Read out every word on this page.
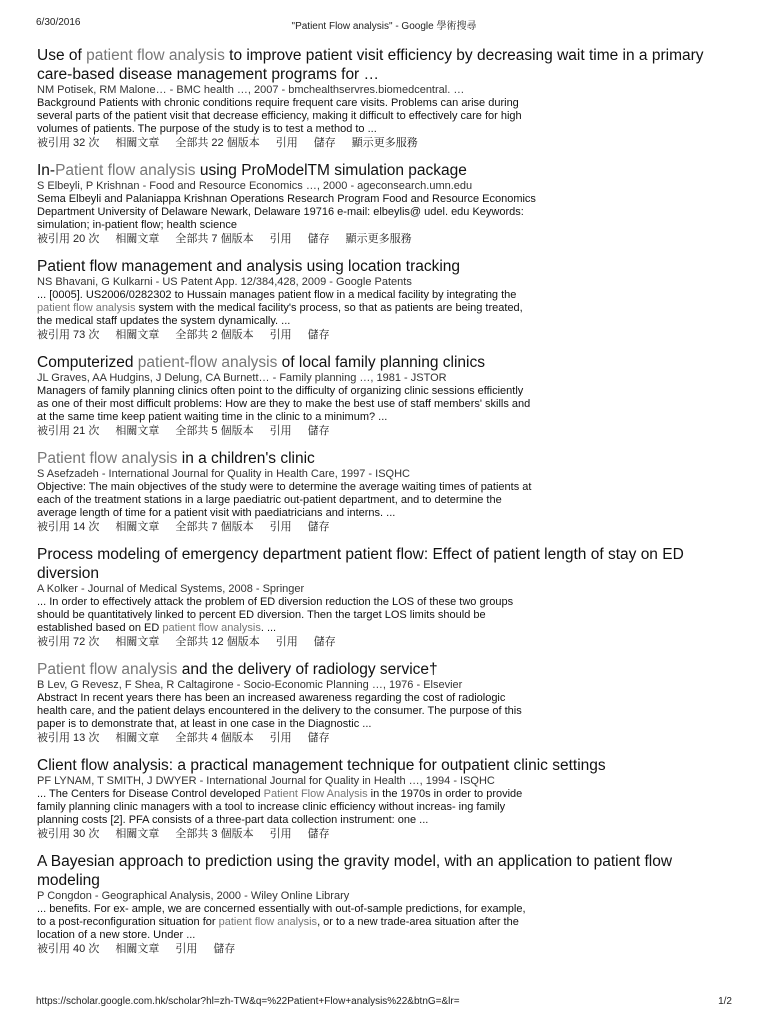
6/30/2016	"Patient Flow analysis" - Google 學術搜尋
Use of patient flow analysis to improve patient visit efficiency by decreasing wait time in a primary care-based disease management programs for …
NM Potisek, RM Malone… - BMC health …, 2007 - bmchealthservres.biomedcentral. …
Background Patients with chronic conditions require frequent care visits. Problems can arise during several parts of the patient visit that decrease efficiency, making it difficult to effectively care for high volumes of patients. The purpose of the study is to test a method to ...
被引用 32 次 相關文章 全部共 22 個版本 引用 儲存 顯示更多服務
In-Patient flow analysis using ProModelTM simulation package
S Elbeyli, P Krishnan - Food and Resource Economics …, 2000 - ageconsearch.umn.edu
Sema Elbeyli and Palaniappa Krishnan Operations Research Program Food and Resource Economics Department University of Delaware Newark, Delaware 19716 e-mail: elbeylis@ udel. edu Keywords: simulation; in-patient flow; health science
被引用 20 次 相關文章 全部共 7 個版本 引用 儲存 顯示更多服務
Patient flow management and analysis using location tracking
NS Bhavani, G Kulkarni - US Patent App. 12/384,428, 2009 - Google Patents
... [0005]. US2006/0282302 to Hussain manages patient flow in a medical facility by integrating the patient flow analysis system with the medical facility's process, so that as patients are being treated, the medical staff updates the system dynamically. ...
被引用 73 次 相關文章 全部共 2 個版本 引用 儲存
Computerized patient-flow analysis of local family planning clinics
JL Graves, AA Hudgins, J Delung, CA Burnett… - Family planning …, 1981 - JSTOR
Managers of family planning clinics often point to the difficulty of organizing clinic sessions efficiently as one of their most difficult problems: How are they to make the best use of staff members' skills and at the same time keep patient waiting time in the clinic to a minimum? ...
被引用 21 次 相關文章 全部共 5 個版本 引用 儲存
Patient flow analysis in a children's clinic
S Asefzadeh - International Journal for Quality in Health Care, 1997 - ISQHC
Objective: The main objectives of the study were to determine the average waiting times of patients at each of the treatment stations in a large paediatric out-patient department, and to determine the average length of time for a patient visit with paediatricians and interns. ...
被引用 14 次 相關文章 全部共 7 個版本 引用 儲存
Process modeling of emergency department patient flow: Effect of patient length of stay on ED diversion
A Kolker - Journal of Medical Systems, 2008 - Springer
... In order to effectively attack the problem of ED diversion reduction the LOS of these two groups should be quantitatively linked to percent ED diversion. Then the target LOS limits should be established based on ED patient flow analysis. ...
被引用 72 次 相關文章 全部共 12 個版本 引用 儲存
Patient flow analysis and the delivery of radiology service†
B Lev, G Revesz, F Shea, R Caltagirone - Socio-Economic Planning …, 1976 - Elsevier
Abstract In recent years there has been an increased awareness regarding the cost of radiologic health care, and the patient delays encountered in the delivery to the consumer. The purpose of this paper is to demonstrate that, at least in one case in the Diagnostic ...
被引用 13 次 相關文章 全部共 4 個版本 引用 儲存
Client flow analysis: a practical management technique for outpatient clinic settings
PF LYNAM, T SMITH, J DWYER - International Journal for Quality in Health …, 1994 - ISQHC
... The Centers for Disease Control developed Patient Flow Analysis in the 1970s in order to provide family planning clinic managers with a tool to increase clinic efficiency without increas- ing family planning costs [2]. PFA consists of a three-part data collection instrument: one ...
被引用 30 次 相關文章 全部共 3 個版本 引用 儲存
A Bayesian approach to prediction using the gravity model, with an application to patient flow modeling
P Congdon - Geographical Analysis, 2000 - Wiley Online Library
... benefits. For ex- ample, we are concerned essentially with out-of-sample predictions, for example, to a post-reconfiguration situation for patient flow analysis, or to a new trade-area situation after the location of a new store. Under ...
被引用 40 次 相關文章 引用 儲存
https://scholar.google.com.hk/scholar?hl=zh-TW&q=%22Patient+Flow+analysis%22&btnG=&lr=	1/2
